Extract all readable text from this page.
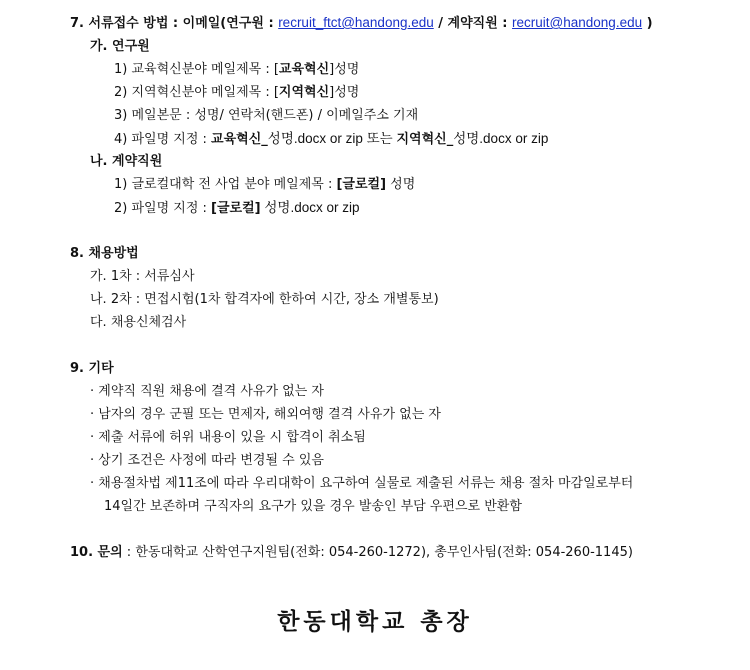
7. 서류접수 방법 : 이메일(연구원 : recruit_ftct@handong.edu / 계약직원 : recruit@handong.edu )
가. 연구원
1) 교육혁신분야 메일제목 : [교육혁신]성명
2) 지역혁신분야 메일제목 : [지역혁신]성명
3) 메일본문 : 성명/ 연락처(핸드폰) / 이메일주소 기재
4) 파일명 지정 : 교육혁신_성명.docx or zip 또는 지역혁신_성명.docx or zip
나. 계약직원
1) 글로컬대학 전 사업 분야 메일제목 : [글로컬] 성명
2) 파일명 지정 : [글로컬] 성명.docx or zip
8. 채용방법
가. 1차 : 서류심사
나. 2차 : 면접시험(1차 합격자에 한하여 시간, 장소 개별통보)
다. 채용신체검사
9. 기타
· 계약직 직원 채용에 결격 사유가 없는 자
· 남자의 경우 군필 또는 면제자, 해외여행 결격 사유가 없는 자
· 제출 서류에 허위 내용이 있을 시 합격이 취소됨
· 상기 조건은 사정에 따라 변경될 수 있음
· 채용절차법 제11조에 따라 우리대학이 요구하여 실물로 제출된 서류는 채용 절차 마감일로부터
14일간 보존하며 구직자의 요구가 있을 경우 발송인 부담 우편으로 반환함
10. 문의 : 한동대학교 산학연구지원팀(전화: 054-260-1272), 총무인사팀(전화: 054-260-1145)
한동대학교 총장
